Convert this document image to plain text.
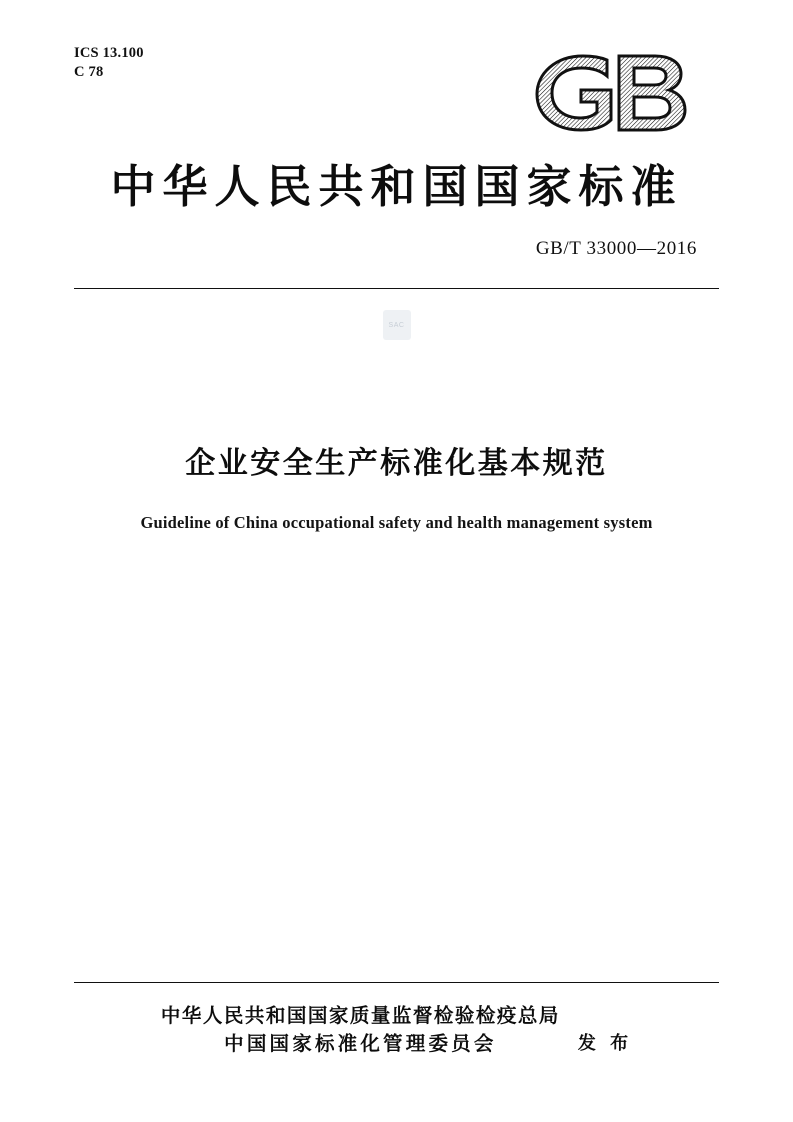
ICS 13.100
C 78
中华人民共和国国家标准
GB/T 33000—2016
SAC
企业安全生产标准化基本规范
Guideline of China occupational safety and health management system
中华人民共和国国家质量监督检验检疫总局
中国国家标准化管理委员会	发 布
